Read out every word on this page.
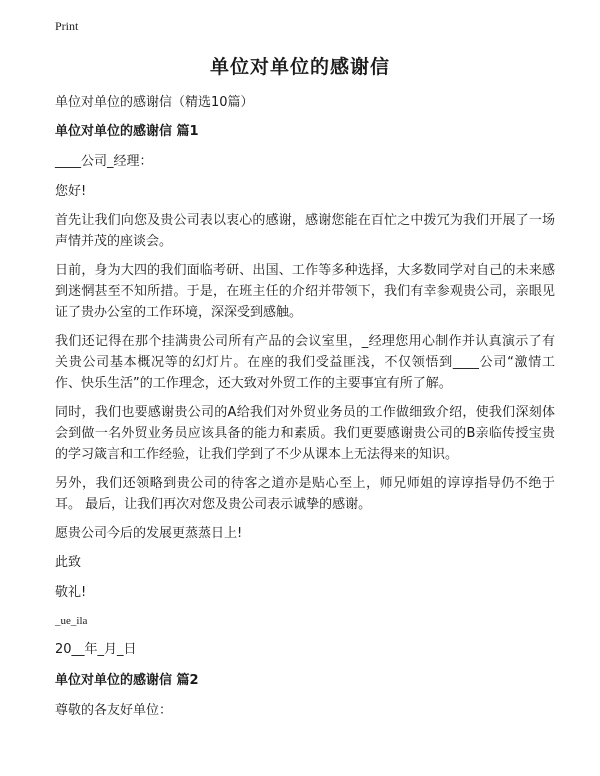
Print
单位对单位的感谢信

单位对单位的感谢信（精选10篇）

单位对单位的感谢信 篇1

____公司_经理：

您好!

首先让我们向您及贵公司表以衷心的感谢，感谢您能在百忙之中拨冗为我们开展了一场声情并茂的座谈会。

日前，身为大四的我们面临考研、出国、工作等多种选择，大多数同学对自己的未来感到迷惘甚至不知所措。于是，在班主任的介绍并带领下，我们有幸参观贵公司，亲眼见证了贵办公室的工作环境，深深受到感触。

我们还记得在那个挂满贵公司所有产品的会议室里，_经理您用心制作并认真演示了有关贵公司基本概况等的幻灯片。在座的我们受益匪浅，不仅领悟到____公司“激情工作、快乐生活”的工作理念，还大致对外贸工作的主要事宜有所了解。

同时，我们也要感谢贵公司的A给我们对外贸业务员的工作做细致介绍，使我们深刻体会到做一名外贸业务员应该具备的能力和素质。我们更要感谢贵公司的B亲临传授宝贵的学习箴言和工作经验，让我们学到了不少从课本上无法得来的知识。

另外，我们还领略到贵公司的待客之道亦是贴心至上，师兄师姐的谆谆指导仍不绝于耳。 最后，让我们再次对您及贵公司表示诚挚的感谢。

愿贵公司今后的发展更蒸蒸日上!

此致

敬礼!

_ue_ila

20__年_月_日

单位对单位的感谢信 篇2

尊敬的各友好单位：
